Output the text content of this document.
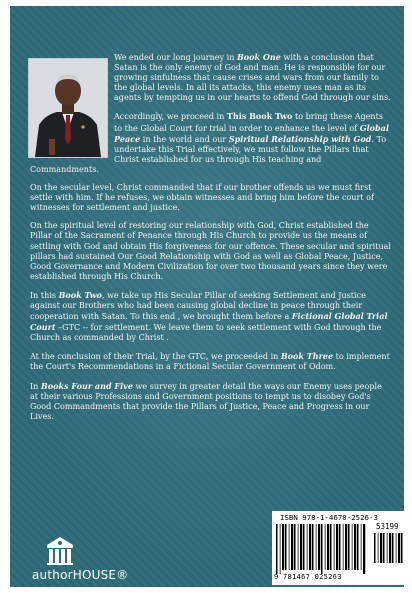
We ended our long journey in Book One with a conclusion that Satan is the only enemy of God and man. He is responsible for our growing sinfulness that cause crises and wars from our family to the global levels. In all its attacks, this enemy uses man as its agents by tempting us in our hearts to offend God through our sins.

Accordingly, we proceed in This Book Two to bring these Agents to the Global Court for trial in order to enhance the level of Global Peace in the world and our Spiritual Relationship with God. To undertake this Trial effectively, we must follow the Pillars that Christ established for us through His teaching and Commandments.

On the secular level, Christ commanded that if our brother offends us we must first settle with him. If he refuses, we obtain witnesses and bring him before the court of witnesses for settlement and justice.

On the spiritual level of restoring our relationship with God, Christ established the Pillar of the Sacrament of Penance through His Church to provide us the means of settling with God and obtain His forgiveness for our offence. These secular and spiritual pillars had sustained Our Good Relationship with God as well as Global Peace, Justice, Good Governance and Modern Civilization for over two thousand years since they were established through His Church.

In this Book Two, we take up His Secular Pillar of seeking Settlement and Justice against our Brothers who had been causing global decline in peace through their cooperation with Satan. To this end , we brought them before a Fictional Global Trial Court –GTC -- for settlement. We leave them to seek settlement with God through the Church as commanded by Christ .

At the conclusion of their Trial, by the GTC, we proceeded in Book Three to implement the Court's Recommendations in a Fictional Secular Government of Odom.

In Books Four and Five we survey in greater detail the ways our Enemy uses people at their various Professions and Government positions to tempt us to disobey God's Good Commandments that provide the Pillars of Justice, Peace and Progress in our Lives.

authorHOUSE®
ISBN 978-1-4670-2526-3
53199
9 781467 025263
